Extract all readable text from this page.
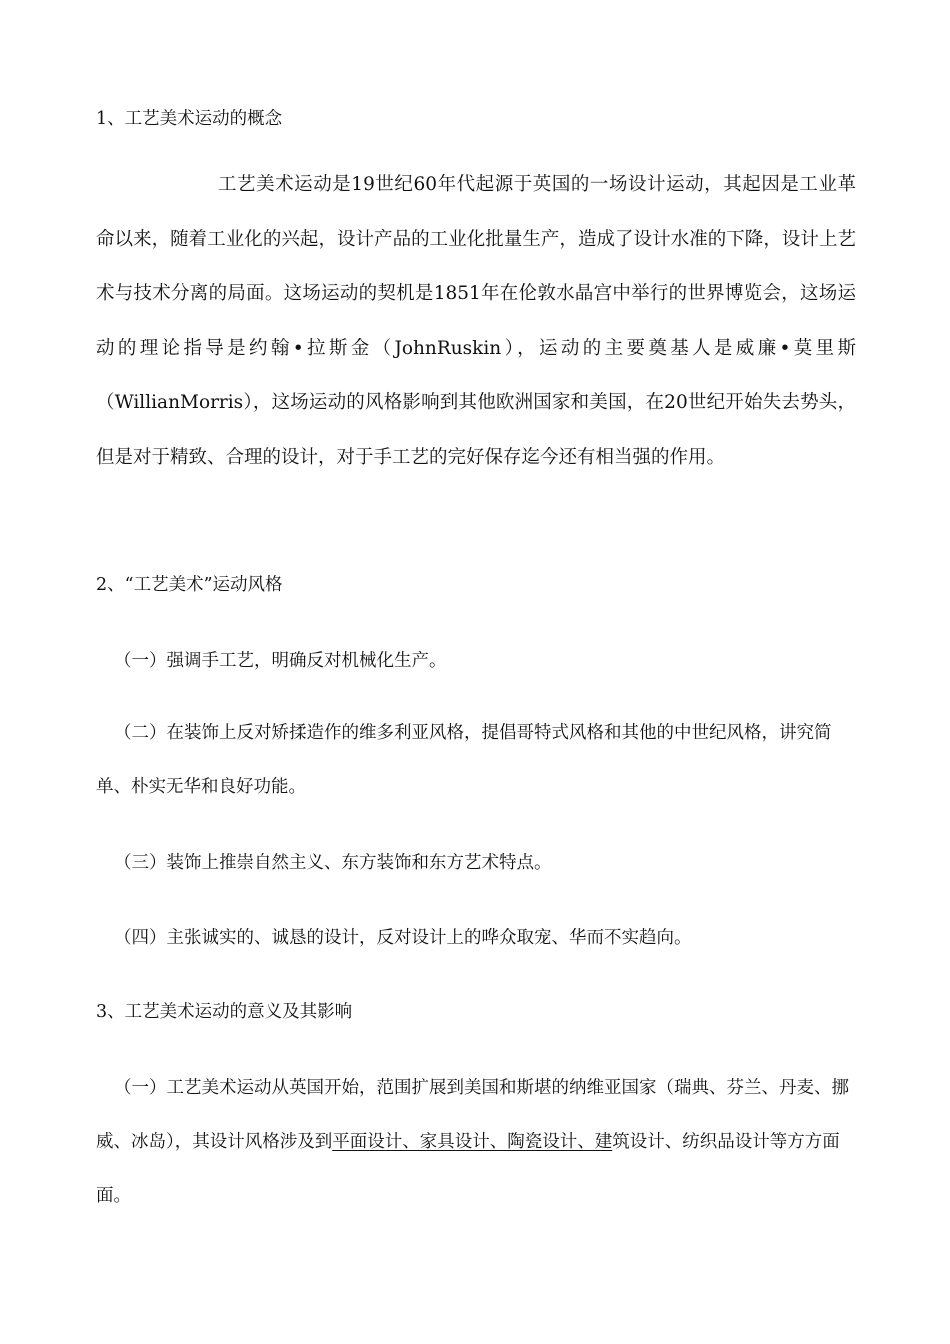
1、工艺美术运动的概念

工艺美术运动是19世纪60年代起源于英国的一场设计运动，其起因是工业革命以来，随着工业化的兴起，设计产品的工业化批量生产，造成了设计水准的下降，设计上艺术与技术分离的局面。这场运动的契机是1851年在伦敦水晶宫中举行的世界博览会，这场运动的理论指导是约翰•拉斯金（JohnRuskin），运动的主要奠基人是威廉•莫里斯（WillianMorris），这场运动的风格影响到其他欧洲国家和美国，在20世纪开始失去势头，但是对于精致、合理的设计，对于手工艺的完好保存迄今还有相当强的作用。

2、“工艺美术”运动风格

（一）强调手工艺，明确反对机械化生产。

（二）在装饰上反对矫揉造作的维多利亚风格，提倡哥特式风格和其他的中世纪风格，讲究简单、朴实无华和良好功能。

（三）装饰上推崇自然主义、东方装饰和东方艺术特点。

（四）主张诚实的、诚恳的设计，反对设计上的哗众取宠、华而不实趋向。

3、工艺美术运动的意义及其影响

（一）工艺美术运动从英国开始，范围扩展到美国和斯堪的纳维亚国家（瑞典、芬兰、丹麦、挪威、冰岛），其设计风格涉及到平面设计、家具设计、陶瓷设计、建筑设计、纺织品设计等方方面面。
